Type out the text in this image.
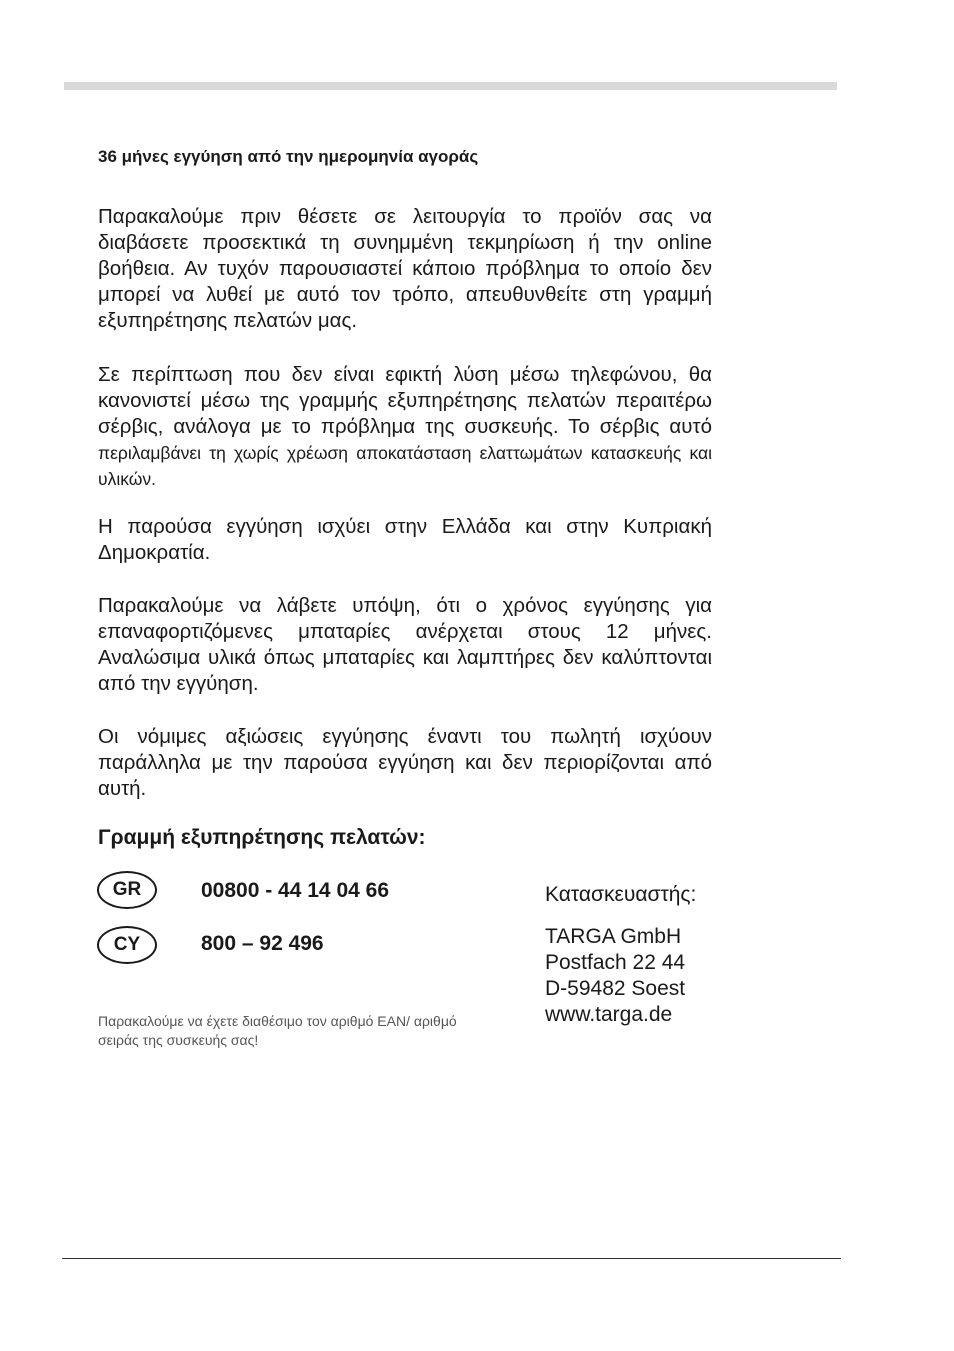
36 μήνες εγγύηση από την ημερομηνία αγοράς
Παρακαλούμε πριν θέσετε σε λειτουργία το προϊόν σας να διαβάσετε προσεκτικά τη συνημμένη τεκμηρίωση ή την online βοήθεια. Αν τυχόν παρουσιαστεί κάποιο πρόβλημα το οποίο δεν μπορεί να λυθεί με αυτό τον τρόπο, απευθυνθείτε στη γραμμή εξυπηρέτησης πελατών μας.
Σε περίπτωση που δεν είναι εφικτή λύση μέσω τηλεφώνου, θα κανονιστεί μέσω της γραμμής εξυπηρέτησης πελατών περαιτέρω σέρβις, ανάλογα με το πρόβλημα της συσκευής. Το σέρβις αυτό περιλαμβάνει τη χωρίς χρέωση αποκατάσταση ελαττωμάτων κατασκευής και υλικών.
Η παρούσα εγγύηση ισχύει στην Ελλάδα και στην Κυπριακή Δημοκρατία.
Παρακαλούμε να λάβετε υπόψη, ότι ο χρόνος εγγύησης για επαναφορτιζόμενες μπαταρίες ανέρχεται στους 12 μήνες. Αναλώσιμα υλικά όπως μπαταρίες και λαμπτήρες δεν καλύπτονται από την εγγύηση.
Οι νόμιμες αξιώσεις εγγύησης έναντι του πωλητή ισχύουν παράλληλα με την παρούσα εγγύηση και δεν περιορίζονται από αυτή.
Γραμμή εξυπηρέτησης πελατών:
GR	00800 - 44 14 04 66
CY	800 – 92 496
Παρακαλούμε να έχετε διαθέσιμο τον αριθμό EAN/ αριθμό σειράς της συσκευής σας!
Κατασκευαστής:
TARGA GmbH
Postfach 22 44
D-59482 Soest
www.targa.de
